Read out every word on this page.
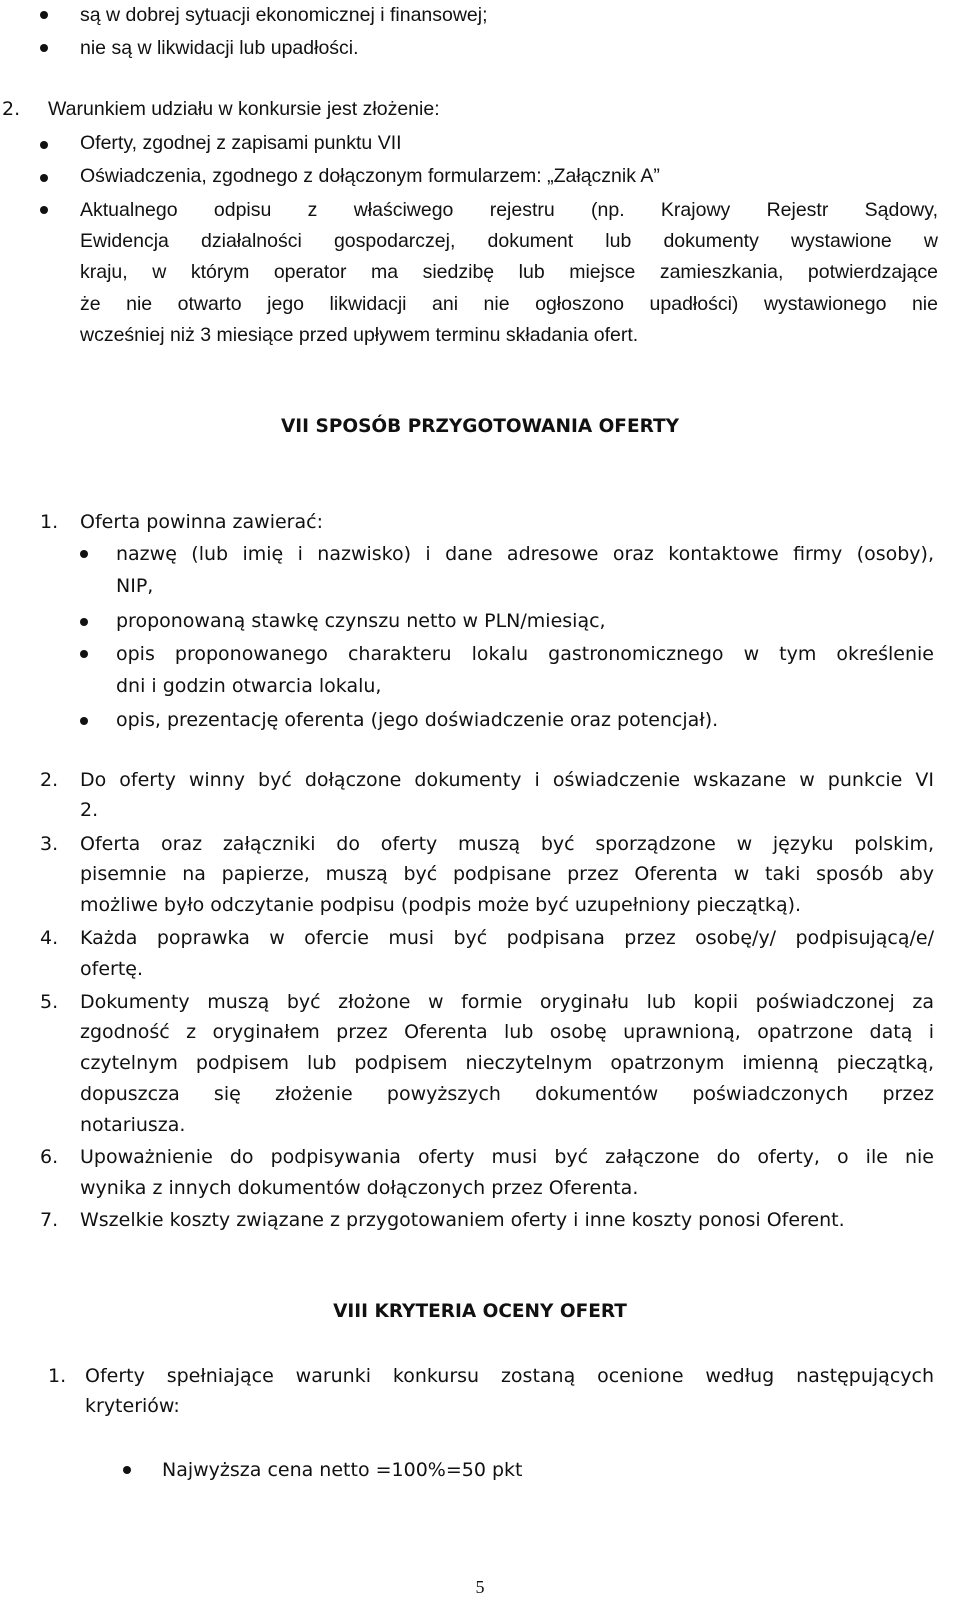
są w dobrej sytuacji ekonomicznej i finansowej;
nie są w likwidacji lub upadłości.
2. Warunkiem udziału w konkursie jest złożenie:
Oferty, zgodnej z zapisami punktu VII
Oświadczenia, zgodnego z dołączonym formularzem: „Załącznik A”
Aktualnego odpisu z właściwego rejestru (np. Krajowy Rejestr Sądowy,
Ewidencja działalności gospodarczej, dokument lub dokumenty wystawione w
kraju, w którym operator ma siedzibę lub miejsce zamieszkania, potwierdzające
że nie otwarto jego likwidacji ani nie ogłoszono upadłości) wystawionego nie
wcześniej niż 3 miesiące przed upływem terminu składania ofert.
VII SPOSÓB PRZYGOTOWANIA OFERTY
1. Oferta powinna zawierać:
nazwę (lub imię i nazwisko) i dane adresowe oraz kontaktowe firmy (osoby),
NIP,
proponowaną stawkę czynszu netto w PLN/miesiąc,
opis proponowanego charakteru lokalu gastronomicznego w tym określenie
dni i godzin otwarcia lokalu,
opis, prezentację oferenta (jego doświadczenie oraz potencjał).
2. Do oferty winny być dołączone dokumenty i oświadczenie wskazane w punkcie VI
2.
3. Oferta oraz załączniki do oferty muszą być sporządzone w języku polskim,
pisemnie na papierze, muszą być podpisane przez Oferenta w taki sposób aby
możliwe było odczytanie podpisu (podpis może być uzupełniony pieczątką).
4. Każda poprawka w ofercie musi być podpisana przez osobę/y/ podpisującą/e/
ofertę.
5. Dokumenty muszą być złożone w formie oryginału lub kopii poświadczonej za
zgodność z oryginałem przez Oferenta lub osobę uprawnioną, opatrzone datą i
czytelnym podpisem lub podpisem nieczytelnym opatrzonym imienną pieczątką,
dopuszcza się złożenie powyższych dokumentów poświadczonych przez
notariusza.
6. Upoważnienie do podpisywania oferty musi być załączone do oferty, o ile nie
wynika z innych dokumentów dołączonych przez Oferenta.
7. Wszelkie koszty związane z przygotowaniem oferty i inne koszty ponosi Oferent.
VIII KRYTERIA OCENY OFERT
1. Oferty spełniające warunki konkursu zostaną ocenione według następujących
kryteriów:
Najwyższa cena netto =100%=50 pkt
5
